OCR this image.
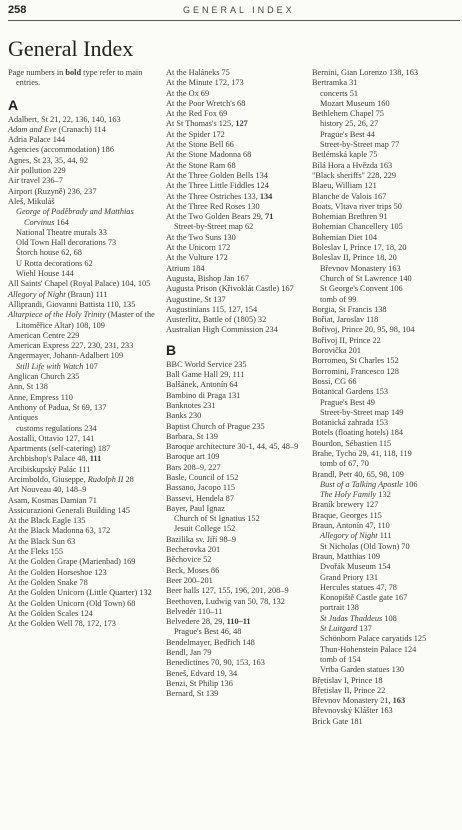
258	GENERAL INDEX
General Index
Page numbers in bold type refer to main entries.
A
Adalbert, St 21, 22, 136, 140, 163
Adam and Eve (Cranach) 114
Adria Palace 144
Agencies (accommodation) 186
Agnes, St 23, 35, 44, 92
Air pollution 229
Air travel 236–7
Airport (Ruzyně) 236, 237
Aleš, Mikuláš
George of Poděbrady and Matthias Corvinus 164
National Theatre murals 33
Old Town Hall decorations 73
Štorch house 62, 68
U Rotta decorations 62
Wiehl House 144
All Saints' Chapel (Royal Palace) 104, 105
Allegory of Night (Braun) 111
Alliprandi, Giovanni Battista 110, 135
Altarpiece of the Holy Trinity (Master of the Litoměřice Altar) 108, 109
American Centre 229
American Express 227, 230, 231, 233
Angermayer, Johann-Adalbert 109
Still Life with Watch 107
Anglican Church 235
Ann, St 138
Anne, Empress 110
Anthony of Padua, St 69, 137
Antiques
customs regulations 234
Aostalli, Ottavio 127, 141
Apartments (self-catering) 187
Archbishop's Palace 48, 111
Arcibiskupský Palác 111
Arcimboldo, Giuseppe, Rudolph II 28
Art Nouveau 40, 148–9
Asam, Kosmas Damian 71
Assicurazioni Generali Building 145
At the Black Eagle 135
At the Black Madonna 63, 172
At the Black Sun 63
At the Fleks 155
At the Golden Grape (Marienbad) 169
At the Golden Horseshoe 123
At the Golden Snake 78
At the Golden Unicorn (Little Quarter) 132
At the Golden Unicorn (Old Town) 68
At the Golden Scales 124
At the Golden Well 78, 172, 173
At the Haláneks 75
At the Minute 172, 173
At the Ox 69
At the Poor Wretch's 68
At the Red Fox 69
At St Thomas's 125, 127
At the Spider 172
At the Stone Bell 66
At the Stone Madonna 68
At the Stone Ram 68
At the Three Golden Bells 134
At the Three Little Fiddles 124
At the Three Ostriches 133, 134
At the Three Red Roses 130
At the Two Golden Bears 29, 71
Street-by-Street map 62
At the Two Suns 130
At the Unicorn 172
At the Vulture 172
Atrium 184
Augusta, Bishop Jan 167
Augusta Prison (Křivoklát Castle) 167
Augustine, St 137
Augustinians 115, 127, 154
Austerlitz, Battle of (1805) 32
Australian High Commission 234
B
BBC World Service 235
Ball Game Hall 29, 111
Balšánek, Antonín 64
Bambino di Praga 131
Banknotes 231
Banks 230
Baptist Church of Prague 235
Barbara, St 139
Baroque architecture 30-1, 44, 45, 48–9
Baroque art 109
Bars 208–9, 227
Basle, Council of 152
Bassano, Jacopo 115
Bassevi, Hendela 87
Bayer, Paul Ignaz
Church of St Ignatius 152
Jesuit College 152
Bazilika sv. Jiří 98–9
Becherovka 201
Běchovice 52
Beck, Moses 86
Beer 200–201
Beer halls 127, 155, 196, 201, 208–9
Beethoven, Ludwig van 50, 78, 132
Belvedér 110–11
Belvedere 28, 29, 110–11
Prague's Best 46, 48
Bendelmayer, Bedřich 148
Bendl, Jan 79
Benedictines 70, 90, 153, 163
Beneš, Edvard 19, 34
Benzi, St Philip 136
Bernard, St 139
Bernini, Gian Lorenzo 138, 163
Bertramka 31
concerts 51
Mozart Museum 160
Bethlehem Chapel 75
history 25, 26, 27
Prague's Best 44
Street-by-Street map 77
Betlémská kaple 75
Bílá Hora a Hvězda 163
"Black sheriffs" 228, 229
Blaeu, William 121
Blanche de Valois 167
Boats, Vltava river trips 50
Bohemian Brethren 91
Bohemian Chancellery 105
Bohemian Diet 104
Boleslav I, Prince 17, 18, 20
Boleslav II, Prince 18, 20
Břevnov Monastery 163
Church of St Lawrence 140
St George's Convent 106
tomb of 99
Borgia, St Francis 138
Bořiat, Jaroslav 118
Bořivoj, Prince 20, 95, 98, 104
Bořivoj II, Prince 22
Borovička 201
Borromeo, St Charles 152
Borromini, Francesco 128
Bossi, CG 66
Botanical Gardens 153
Prague's Best 49
Street-by-Street map 149
Botanická zahrada 153
Botels (floating hotels) 184
Bourdon, Sébastien 115
Brahe, Tycho 29, 41, 118, 119
tomb of 67, 70
Brandl, Petr 40, 65, 98, 109
Bust of a Talking Apostle 106
The Holy Family 132
Braník brewery 127
Braque, Georges 115
Braun, Antonín 47, 110
Allegory of Night 111
St Nicholas (Old Town) 70
Braun, Matthias 109
Dvořák Museum 154
Grand Priory 131
Hercules statues 47, 78
Konopiště Castle gate 167
portrait 138
St Judas Thaddeus 108
St Luitgard 137
Schönborn Palace caryatids 125
Thun-Hohenstein Palace 124
tomb of 154
Vrtba Garden statues 130
Břetislav I, Prince 18
Břetislav II, Prince 22
Břevnov Monastery 21, 163
Břevnovský Klášter 163
Brick Gate 181
